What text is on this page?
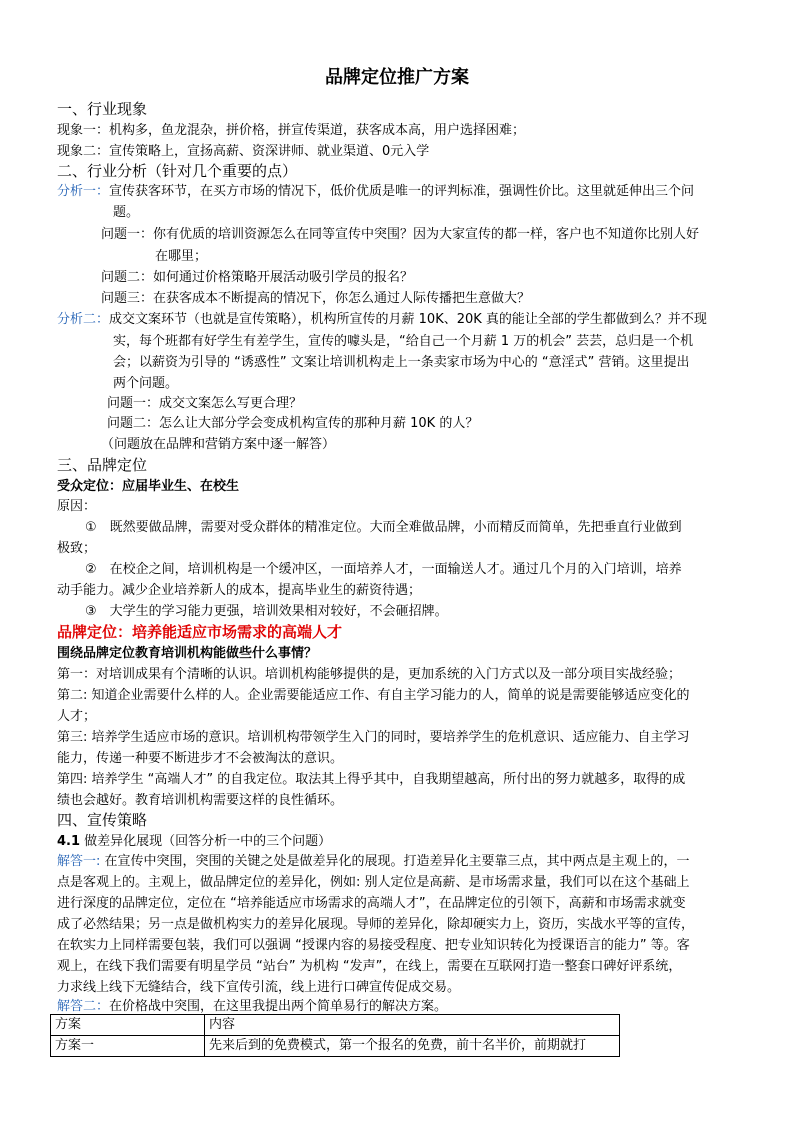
品牌定位推广方案
一、行业现象
现象一：机构多，鱼龙混杂，拼价格，拼宣传渠道，获客成本高，用户选择困难；
现象二：宣传策略上，宣扬高薪、资深讲师、就业渠道、0元入学
二、行业分析（针对几个重要的点）
分析一：宣传获客环节，在买方市场的情况下，低价优质是唯一的评判标准，强调性价比。这里就延伸出三个问
题。
问题一：你有优质的培训资源怎么在同等宣传中突围？因为大家宣传的都一样，客户也不知道你比别人好
在哪里；
问题二：如何通过价格策略开展活动吸引学员的报名？
问题三：在获客成本不断提高的情况下，你怎么通过人际传播把生意做大？
分析二：成交文案环节（也就是宣传策略），机构所宣传的月薪 10K、20K 真的能让全部的学生都做到么？并不现
实，每个班都有好学生有差学生，宣传的噱头是，“给自己一个月薪 1 万的机会” 芸芸，总归是一个机
会；以薪资为引导的 “诱惑性” 文案让培训机构走上一条卖家市场为中心的 “意淫式” 营销。这里提出
两个问题。
问题一：成交文案怎么写更合理？
问题二：怎么让大部分学会变成机构宣传的那种月薪 10K 的人？
（问题放在品牌和营销方案中逐一解答）
三、品牌定位
受众定位：应届毕业生、在校生
原因：
①　既然要做品牌，需要对受众群体的精准定位。大而全难做品牌，小而精反而简单，先把垂直行业做到
极致；
②　在校企之间，培训机构是一个缓冲区，一面培养人才，一面输送人才。通过几个月的入门培训，培养
动手能力。减少企业培养新人的成本，提高毕业生的薪资待遇；
③　大学生的学习能力更强，培训效果相对较好，不会砸招牌。
品牌定位：培养能适应市场需求的高端人才
围绕品牌定位教育培训机构能做些什么事情？
第一：对培训成果有个清晰的认识。培训机构能够提供的是，更加系统的入门方式以及一部分项目实战经验；
第二: 知道企业需要什么样的人。企业需要能适应工作、有自主学习能力的人，简单的说是需要能够适应变化的
人才；
第三: 培养学生适应市场的意识。培训机构带领学生入门的同时，要培养学生的危机意识、适应能力、自主学习
能力，传递一种要不断进步才不会被淘汰的意识。
第四: 培养学生 “高端人才” 的自我定位。取法其上得乎其中，自我期望越高，所付出的努力就越多，取得的成
绩也会越好。教育培训机构需要这样的良性循环。
四、宣传策略
4.1 做差异化展现（回答分析一中的三个问题）
解答一: 在宣传中突围，突围的关键之处是做差异化的展现。打造差异化主要靠三点，其中两点是主观上的，一
点是客观上的。主观上，做品牌定位的差异化，例如: 别人定位是高薪、是市场需求量，我们可以在这个基础上
进行深度的品牌定位，定位在 “培养能适应市场需求的高端人才”，在品牌定位的引领下，高薪和市场需求就变
成了必然结果；另一点是做机构实力的差异化展现。导师的差异化，除却硬实力上，资历，实战水平等的宣传，
在软实力上同样需要包装，我们可以强调 “授课内容的易接受程度、把专业知识转化为授课语言的能力” 等。客
观上，在线下我们需要有明星学员 “站台” 为机构 “发声”，在线上，需要在互联网打造一整套口碑好评系统，
力求线上线下无缝结合，线下宣传引流，线上进行口碑宣传促成交易。
解答二：在价格战中突围，在这里我提出两个简单易行的解决方案。
方案	内容
方案一	先来后到的免费模式，第一个报名的免费，前十名半价，前期就打
